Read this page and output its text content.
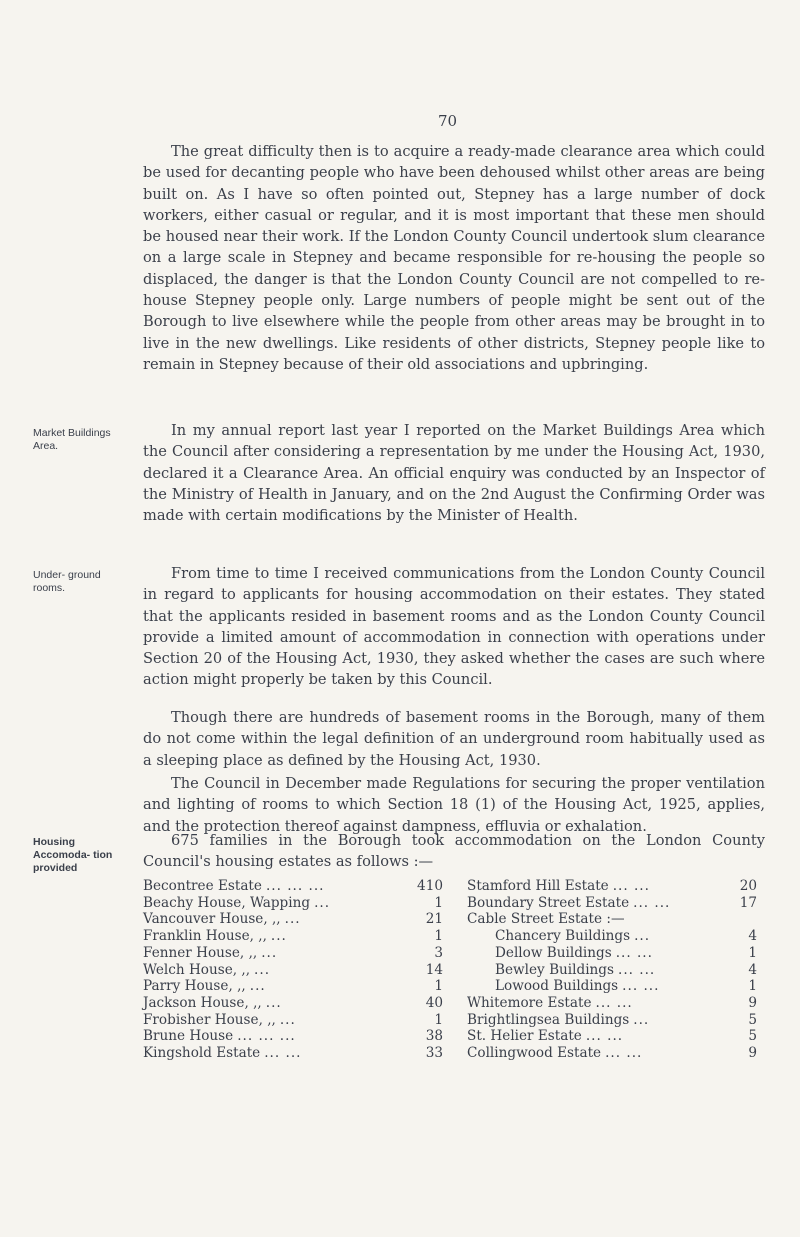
70

The great difficulty then is to acquire a ready-made clearance area which could be used for decanting people who have been dehoused whilst other areas are being built on. As I have so often pointed out, Stepney has a large number of dock workers, either casual or regular, and it is most important that these men should be housed near their work. If the London County Council undertook slum clearance on a large scale in Stepney and became responsible for re-housing the people so displaced, the danger is that the London County Council are not compelled to re-house Stepney people only. Large numbers of people might be sent out of the Borough to live elsewhere while the people from other areas may be brought in to live in the new dwellings. Like residents of other districts, Stepney people like to remain in Stepney because of their old associations and upbringing.

Market Buildings Area.

In my annual report last year I reported on the Market Buildings Area which the Council after considering a representation by me under the Housing Act, 1930, declared it a Clearance Area. An official enquiry was conducted by an Inspector of the Ministry of Health in January, and on the 2nd August the Confirming Order was made with certain modifications by the Minister of Health.

Under- ground rooms.

From time to time I received communications from the London County Council in regard to applicants for housing accommodation on their estates. They stated that the applicants resided in basement rooms and as the London County Council provide a limited amount of accommodation in connection with operations under Section 20 of the Housing Act, 1930, they asked whether the cases are such where action might properly be taken by this Council.

Though there are hundreds of basement rooms in the Borough, many of them do not come within the legal definition of an underground room habitually used as a sleeping place as defined by the Housing Act, 1930.

The Council in December made Regulations for securing the proper ventilation and lighting of rooms to which Section 18 (1) of the Housing Act, 1925, applies, and the protection thereof against dampness, effluvia or exhalation.

Housing Accomoda- tion provided

675 families in the Borough took accommodation on the London County Council's housing estates as follows :—

Becontree Estate ... ... ...	410
Beachy House, Wapping ...	1
Vancouver House, ,, ...	21
Franklin House, ,, ...	1
Fenner House, ,, ...	3
Welch House, ,, ...	14
Parry House, ,, ...	1
Jackson House, ,, ...	40
Frobisher House, ,, ...	1
Brune House ... ... ...	38
Kingshold Estate ... ...	33
Stamford Hill Estate ... ...	20
Boundary Street Estate ... ...	17
Cable Street Estate :—
Chancery Buildings ...	4
Dellow Buildings ... ...	1
Bewley Buildings ... ...	4
Lowood Buildings ... ...	1
Whitemore Estate ... ...	9
Brightlingsea Buildings ...	5
St. Helier Estate ... ...	5
Collingwood Estate ... ...	9
